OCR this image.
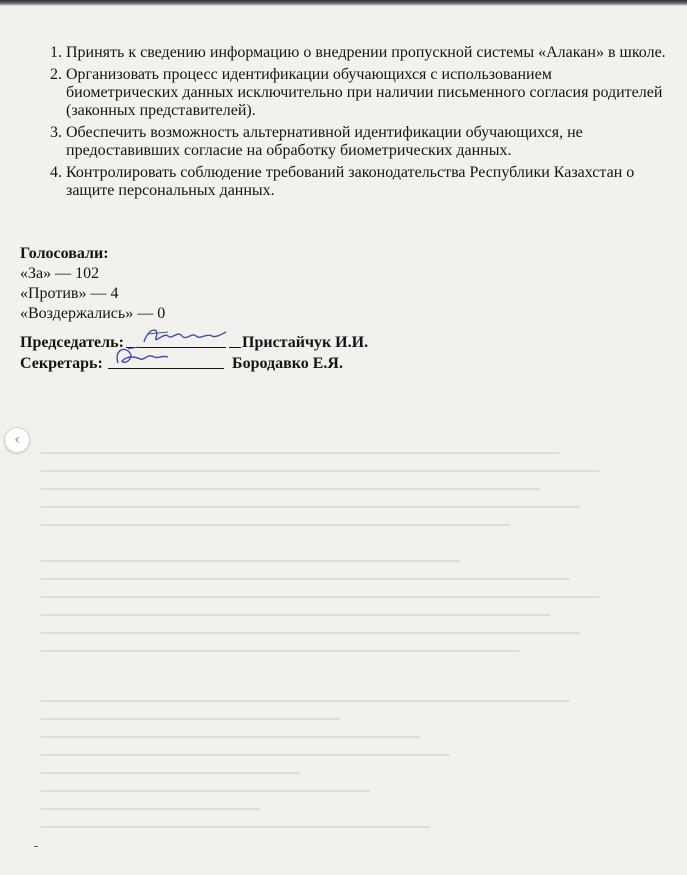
1. Принять к сведению информацию о внедрении пропускной системы «Алакан» в школе.
2. Организовать процесс идентификации обучающихся с использованием биометрических данных исключительно при наличии письменного согласия родителей (законных представителей).
3. Обеспечить возможность альтернативной идентификации обучающихся, не предоставивших согласие на обработку биометрических данных.
4. Контролировать соблюдение требований законодательства Республики Казахстан о защите персональных данных.
Голосовали:
«За» — 102
«Против» — 4
«Воздержались» — 0
Председатель:	Пристайчук И.И.
Секретарь:	Бородавко Е.Я.
‹
